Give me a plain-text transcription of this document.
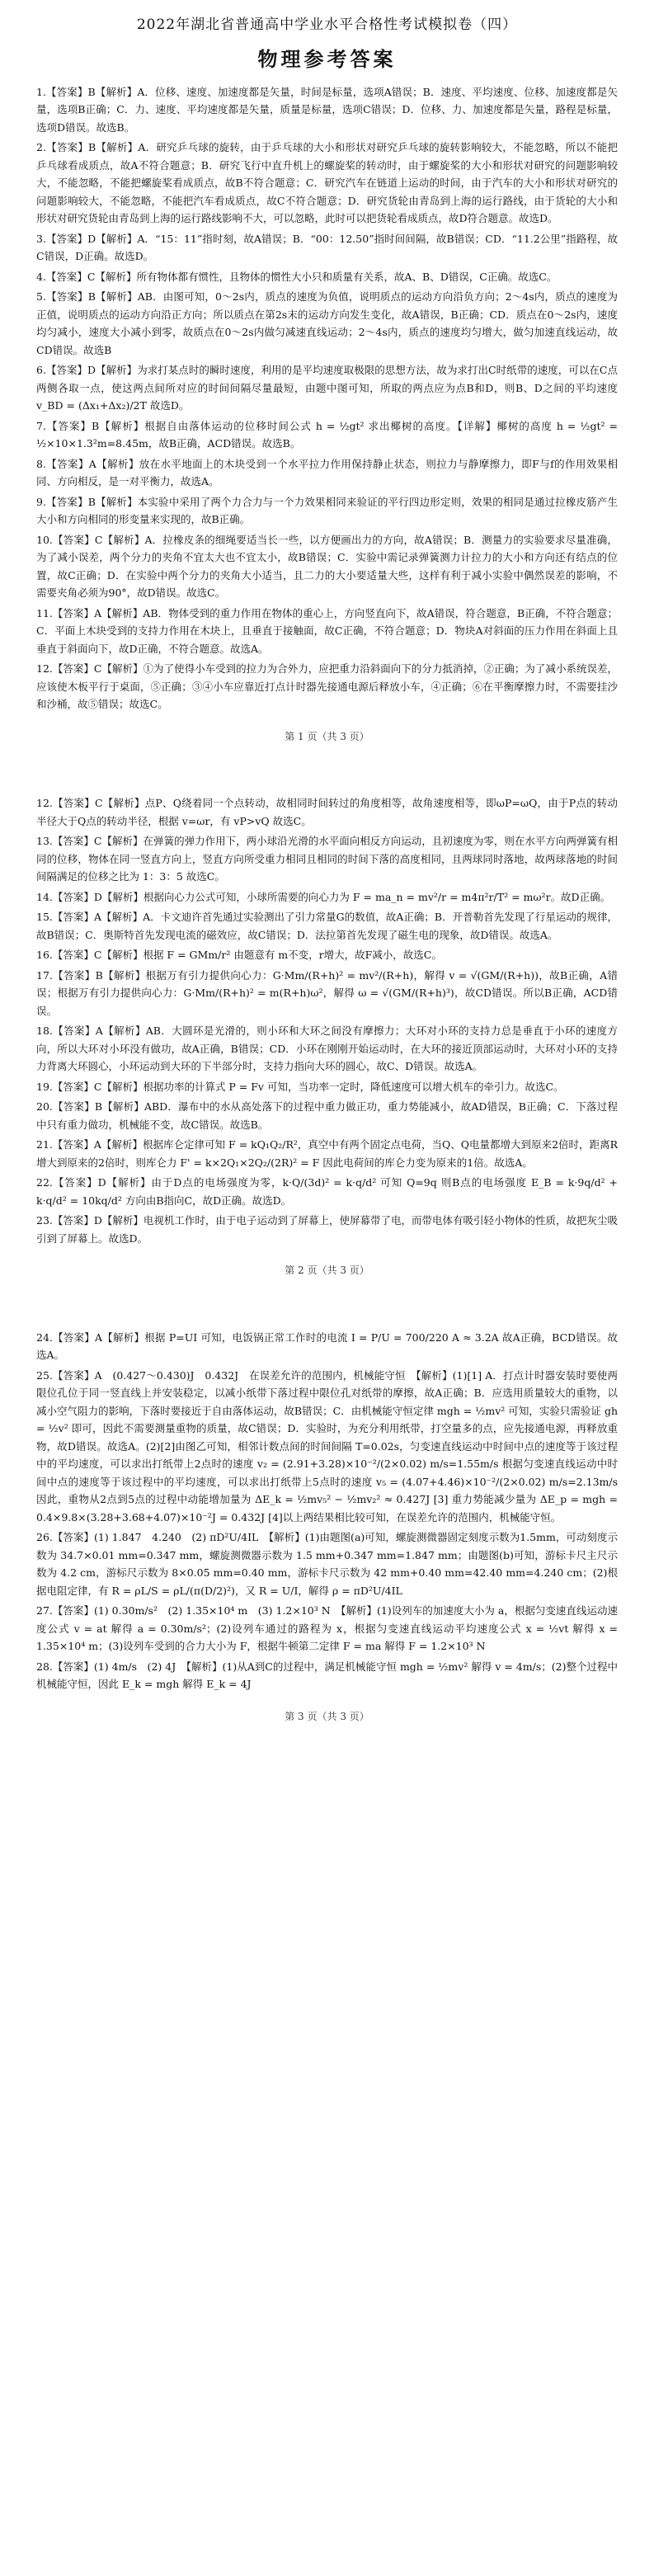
2022年湖北省普通高中学业水平合格性考试模拟卷（四）
物理参考答案

1.【答案】B【解析】A．位移、速度、加速度都是矢量，时间是标量，选项A错误；B．速度、平均速度、位移、加速度都是矢量，选项B正确；C．力、速度、平均速度都是矢量，质量是标量，选项C错误；D．位移、力、加速度都是矢量，路程是标量，选项D错误。故选B。

2.【答案】B【解析】A．研究乒乓球的旋转，由于乒乓球的大小和形状对研究乒乓球的旋转影响较大，不能忽略，所以不能把乒乓球看成质点，故A不符合题意；B．研究飞行中直升机上的螺旋桨的转动时，由于螺旋桨的大小和形状对研究的问题影响较大，不能忽略，不能把螺旋桨看成质点，故B不符合题意；C．研究汽车在链道上运动的时间，由于汽车的大小和形状对研究的问题影响较大，不能忽略，不能把汽车看成质点，故C不符合题意；D．研究货轮由青岛到上海的运行路线，由于货轮的大小和形状对研究货轮由青岛到上海的运行路线影响不大，可以忽略，此时可以把货轮看成质点，故D符合题意。故选D。

3.【答案】D【解析】A．“15：11”指时刻，故A错误；B．“00：12.50”指时间间隔，故B错误；CD．“11.2公里”指路程，故C错误，D正确。故选D。

4.【答案】C【解析】所有物体都有惯性，且物体的惯性大小只和质量有关系，故A、B、D错误，C正确。故选C。

5.【答案】B【解析】AB．由图可知，0～2s内，质点的速度为负值，说明质点的运动方向沿负方向；2～4s内，质点的速度为正值，说明质点的运动方向沿正方向；所以质点在第2s末的运动方向发生变化，故A错误，B正确；CD．质点在0～2s内，速度均匀减小，速度大小减小到零，故质点在0～2s内做匀减速直线运动；2～4s内，质点的速度均匀增大，做匀加速直线运动，故CD错误。故选B

6.【答案】D【解析】为求打某点时的瞬时速度，利用的是平均速度取极限的思想方法，故为求打出C时纸带的速度，可以在C点两侧各取一点，使这两点间所对应的时间间隔尽量最短，由题中图可知，所取的两点应为点B和D，则B、D之间的平均速度 v_BD = (Δx₁+Δx₂)/2T 故选D。

7.【答案】B【解析】根据自由落体运动的位移时间公式 h = ½gt² 求出椰树的高度。【详解】椰树的高度 h = ½gt² = ½×10×1.3²m=8.45m，故B正确，ACD错误。故选B。

8.【答案】A【解析】放在水平地面上的木块受到一个水平拉力作用保持静止状态，则拉力与静摩擦力，即F与f的作用效果相同、方向相反，是一对平衡力，故选A。

9.【答案】B【解析】本实验中采用了两个力合力与一个力效果相同来验证的平行四边形定则，效果的相同是通过拉橡皮筋产生大小和方向相同的形变量来实现的，故B正确。

10.【答案】C【解析】A．拉橡皮条的细绳要适当长一些，以方便画出力的方向，故A错误；B．测量力的实验要求尽量准确，为了减小误差，两个分力的夹角不宜太大也不宜太小，故B错误；C．实验中需记录弹簧测力计拉力的大小和方向还有结点的位置，故C正确；D．在实验中两个分力的夹角大小适当，且二力的大小要适量大些，这样有利于减小实验中偶然误差的影响，不需要夹角必须为90°，故D错误。故选C。

11.【答案】A【解析】AB．物体受到的重力作用在物体的重心上，方向竖直向下，故A错误，符合题意，B正确，不符合题意；C．平面上木块受到的支持力作用在木块上，且垂直于接触面，故C正确，不符合题意；D．物块A对斜面的压力作用在斜面上且垂直于斜面向下，故D正确，不符合题意。故选A。

12.【答案】C【解析】①为了使得小车受到的拉力为合外力，应把重力沿斜面向下的分力抵消掉，②正确；为了减小系统误差，应该使木板平行于桌面，⑤正确；③④小车应靠近打点计时器先接通电源后释放小车，④正确；⑥在平衡摩擦力时，不需要挂沙和沙桶，故⑤错误；故选C。

第 1 页（共 3 页）

12.【答案】C【解析】点P、Q绕着同一个点转动，故相同时间转过的角度相等，故角速度相等，即ωP=ωQ，由于P点的转动半径大于Q点的转动半径，根据 v=ωr，有 vP>vQ 故选C。

13.【答案】C【解析】在弹簧的弹力作用下，两小球沿光滑的水平面向相反方向运动，且初速度为零，则在水平方向两弹簧有相同的位移，物体在同一竖直方向上，竖直方向所受重力相同且相同的时间下落的高度相同，且两球同时落地，故两球落地的时间间隔满足的位移之比为 1：3：5 故选C。

14.【答案】D【解析】根据向心力公式可知，小球所需要的向心力为 F = ma_n = mv²/r = m4π²r/T² = mω²r。故D正确。

15.【答案】A【解析】A．卡文迪许首先通过实验测出了引力常量G的数值，故A正确；B．开普勒首先发现了行星运动的规律，故B错误；C．奥斯特首先发现电流的磁效应，故C错误；D．法拉第首先发现了磁生电的现象，故D错误。故选A。

16.【答案】C【解析】根据 F = GMm/r² 由题意有 m不变，r增大，故F减小，故选C。

17.【答案】B【解析】根据万有引力提供向心力：G·Mm/(R+h)² = mv²/(R+h)，解得 v = √(GM/(R+h))，故B正确，A错误；根据万有引力提供向心力：G·Mm/(R+h)² = m(R+h)ω²，解得 ω = √(GM/(R+h)³)，故CD错误。所以B正确，ACD错误。

18.【答案】A【解析】AB．大圆环是光滑的，则小环和大环之间没有摩擦力；大环对小环的支持力总是垂直于小环的速度方向，所以大环对小环没有做功，故A正确，B错误；CD．小环在刚刚开始运动时，在大环的接近顶部运动时，大环对小环的支持力背离大环圆心，小环运动到大环的下半部分时，支持力指向大环的圆心，故C、D错误。故选A。

19.【答案】C【解析】根据功率的计算式 P = Fv 可知，当功率一定时，降低速度可以增大机车的牵引力。故选C。

20.【答案】B【解析】ABD．瀑布中的水从高处落下的过程中重力做正功，重力势能减小，故AD错误，B正确；C．下落过程中只有重力做功，机械能不变，故C错误。故选B。

21.【答案】A【解析】根据库仑定律可知 F = kQ₁Q₂/R²，真空中有两个固定点电荷，当Q、Q电量都增大到原来2倍时，距离R增大到原来的2倍时，则库仑力 F' = k×2Q₁×2Q₂/(2R)² = F 因此电荷间的库仑力变为原来的1倍。故选A。

22.【答案】D【解析】由于D点的电场强度为零，k·Q/(3d)² = k·q/d² 可知 Q=9q 则B点的电场强度 E_B = k·9q/d² + k·q/d² = 10kq/d² 方向由B指向C，故D正确。故选D。

23.【答案】D【解析】电视机工作时，由于电子运动到了屏幕上，使屏幕带了电，而带电体有吸引轻小物体的性质，故把灰尘吸引到了屏幕上。故选D。

第 2 页（共 3 页）

24.【答案】A【解析】根据 P=UI 可知，电饭锅正常工作时的电流 I = P/U = 700/220 A ≈ 3.2A 故A正确，BCD错误。故选A。

25.【答案】A　(0.427～0.430)J　0.432J　在误差允许的范围内，机械能守恒　【解析】(1)[1] A．打点计时器安装时要使两限位孔位于同一竖直线上并安装稳定，以减小纸带下落过程中限位孔对纸带的摩擦，故A正确；B．应选用质量较大的重物，以减小空气阻力的影响，下落时要接近于自由落体运动，故B错误；C．由机械能守恒定律 mgh = ½mv² 可知，实验只需验证 gh = ½v² 即可，因此不需要测量重物的质量，故C错误；D．实验时，为充分利用纸带，打空量多的点，应先接通电源，再释放重物，故D错误。故选A。(2)[2]由图乙可知，相邻计数点间的时间间隔 T=0.02s，匀变速直线运动中时间中点的速度等于该过程中的平均速度，可以求出打纸带上2点时的速度 v₂ = (2.91+3.28)×10⁻²/(2×0.02) m/s=1.55m/s 根据匀变速直线运动中时间中点的速度等于该过程中的平均速度，可以求出打纸带上5点时的速度 v₅ = (4.07+4.46)×10⁻²/(2×0.02) m/s=2.13m/s 因此，重物从2点到5点的过程中动能增加量为 ΔE_k = ½mv₅² − ½mv₂² ≈ 0.427J [3] 重力势能减少量为 ΔE_p = mgh = 0.4×9.8×(3.28+3.68+4.07)×10⁻²J = 0.432J [4]以上两结果相比较可知，在误差允许的范围内，机械能守恒。

26.【答案】(1) 1.847　4.240　(2) πD²U/4IL　【解析】(1)由题图(a)可知，螺旋测微器固定刻度示数为1.5mm，可动刻度示数为 34.7×0.01 mm=0.347 mm，螺旋测微器示数为 1.5 mm+0.347 mm=1.847 mm；由题图(b)可知，游标卡尺主尺示数为 4.2 cm，游标尺示数为 8×0.05 mm=0.40 mm，游标卡尺示数为 42 mm+0.40 mm=42.40 mm=4.240 cm；(2)根据电阻定律，有 R = ρL/S = ρL/(π(D/2)²)，又 R = U/I，解得 ρ = πD²U/4IL

27.【答案】(1) 0.30m/s²　(2) 1.35×10⁴ m　(3) 1.2×10³ N　【解析】(1)设列车的加速度大小为 a，根据匀变速直线运动速度公式 v = at 解得 a = 0.30m/s²；(2)设列车通过的路程为 x，根据匀变速直线运动平均速度公式 x = ½vt 解得 x = 1.35×10⁴ m；(3)设列车受到的合力大小为 F，根据牛顿第二定律 F = ma 解得 F = 1.2×10³ N

28.【答案】(1) 4m/s　(2) 4J　【解析】(1)从A到C的过程中，满足机械能守恒 mgh = ½mv² 解得 v = 4m/s；(2)整个过程中机械能守恒，因此 E_k = mgh 解得 E_k = 4J

第 3 页（共 3 页）
